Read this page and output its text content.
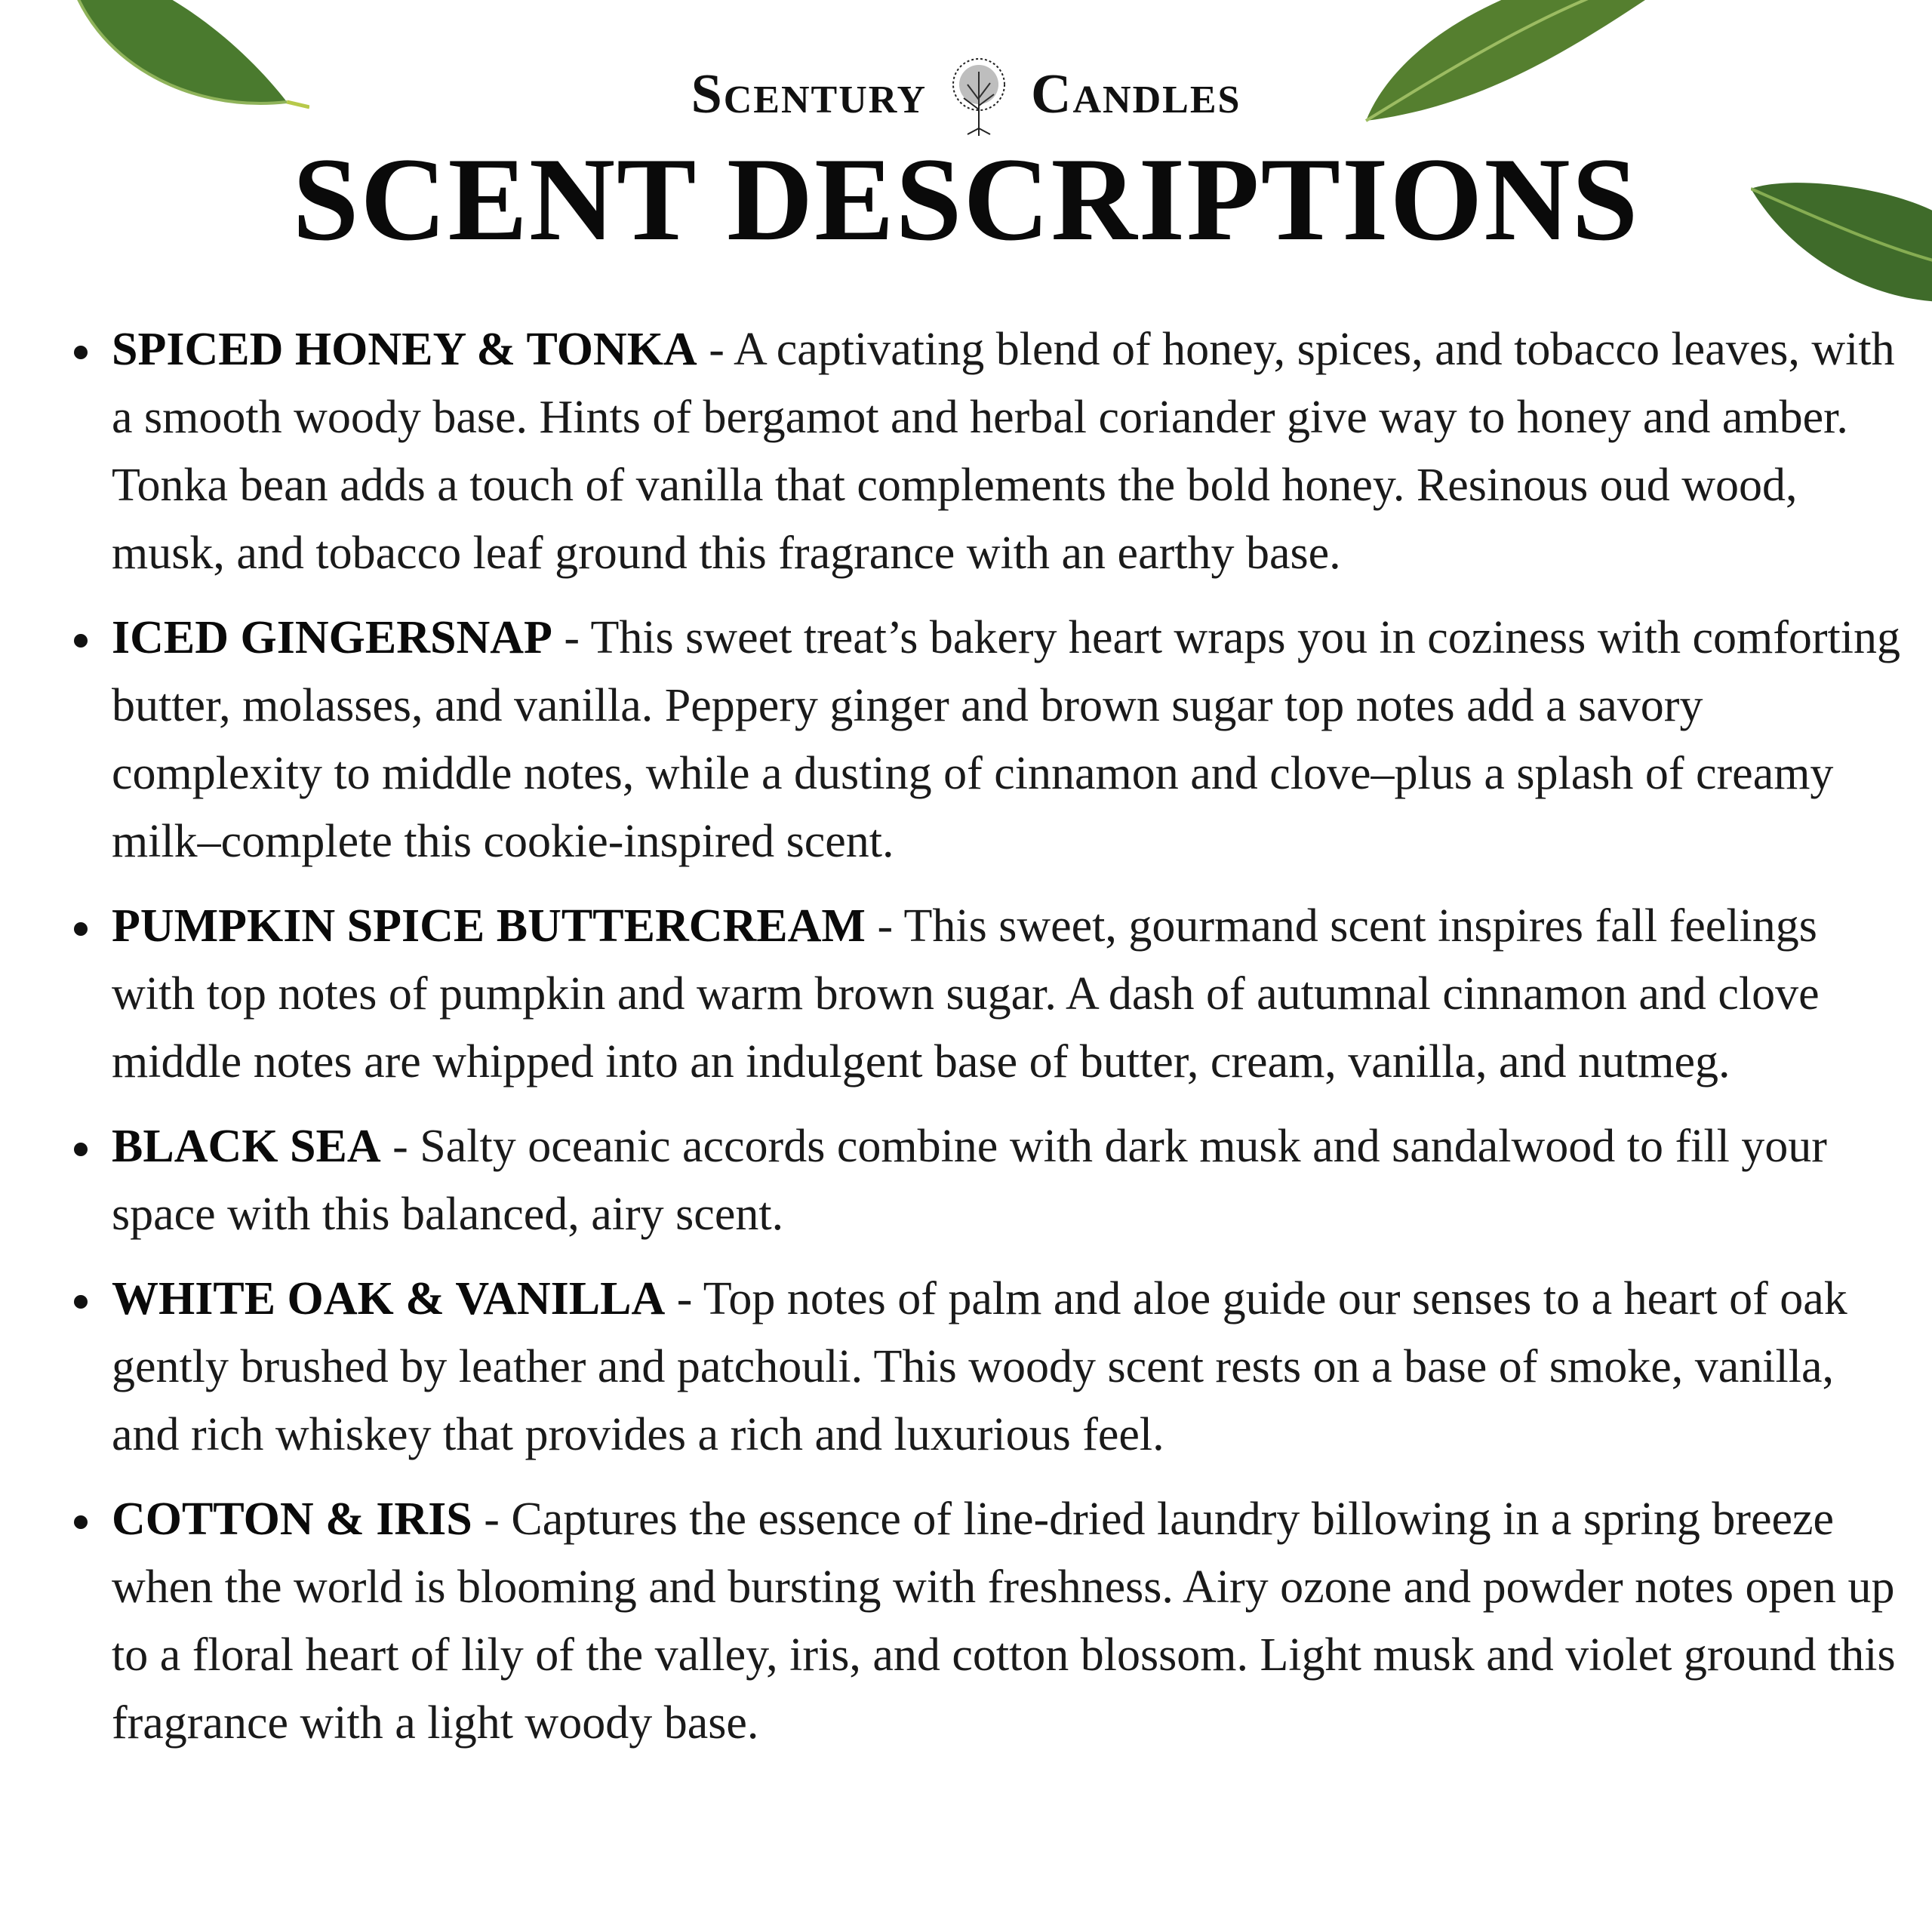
Scentury Candles
SCENT DESCRIPTIONS
SPICED HONEY & TONKA - A captivating blend of honey, spices, and tobacco leaves, with a smooth woody base. Hints of bergamot and herbal coriander give way to honey and amber. Tonka bean adds a touch of vanilla that complements the bold honey. Resinous oud wood, musk, and tobacco leaf ground this fragrance with an earthy base.
ICED GINGERSNAP - This sweet treat’s bakery heart wraps you in coziness with comforting butter, molasses, and vanilla. Peppery ginger and brown sugar top notes add a savory complexity to middle notes, while a dusting of cinnamon and clove–plus a splash of creamy milk–complete this cookie-inspired scent.
PUMPKIN SPICE BUTTERCREAM - This sweet, gourmand scent inspires fall feelings with top notes of pumpkin and warm brown sugar. A dash of autumnal cinnamon and clove middle notes are whipped into an indulgent base of butter, cream, vanilla, and nutmeg.
BLACK SEA - Salty oceanic accords combine with dark musk and sandalwood to fill your space with this balanced, airy scent.
WHITE OAK & VANILLA - Top notes of palm and aloe guide our senses to a heart of oak gently brushed by leather and patchouli. This woody scent rests on a base of smoke, vanilla, and rich whiskey that provides a rich and luxurious feel.
COTTON & IRIS - Captures the essence of line-dried laundry billowing in a spring breeze when the world is blooming and bursting with freshness. Airy ozone and powder notes open up to a floral heart of lily of the valley, iris, and cotton blossom. Light musk and violet ground this fragrance with a light woody base.
